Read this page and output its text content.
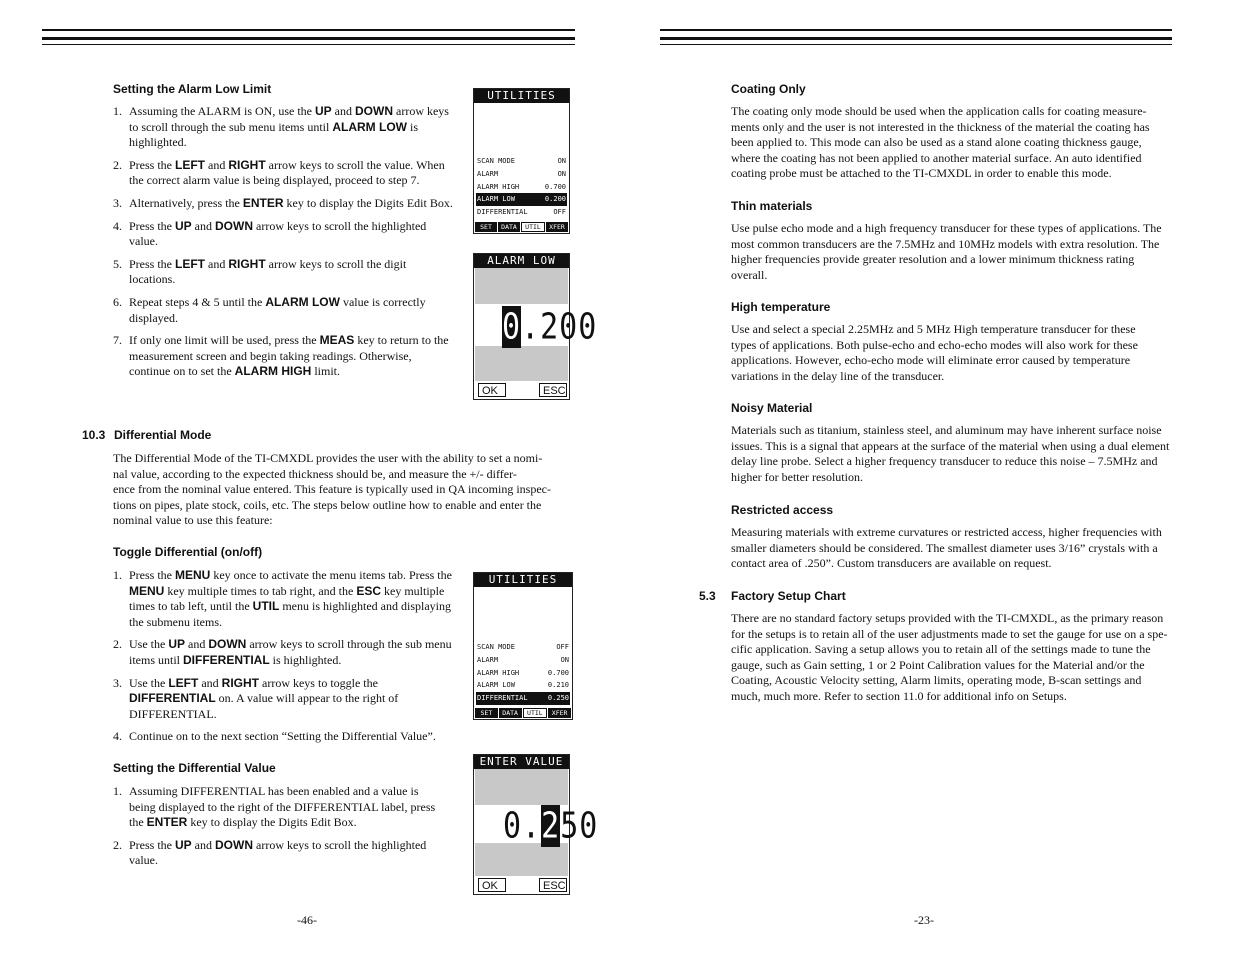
Setting the Alarm Low Limit
1. Assuming the ALARM is ON, use the UP and DOWN arrow keys to scroll through the sub menu items until ALARM LOW is highlighted.
2. Press the LEFT and RIGHT arrow keys to scroll the value. When the correct alarm value is being displayed, proceed to step 7.
3. Alternatively, press the ENTER key to display the Digits Edit Box.
4. Press the UP and DOWN arrow keys to scroll the highlighted value.
5. Press the LEFT and RIGHT arrow keys to scroll the digit locations.
6. Repeat steps 4 & 5 until the ALARM LOW value is correctly displayed.
7. If only one limit will be used, press the MEAS key to return to the measurement screen and begin taking readings. Otherwise, continue on to set the ALARM HIGH limit.
10.3 Differential Mode
The Differential Mode of the TI-CMXDL provides the user with the ability to set a nomi-
nal value, according to the expected thickness should be, and measure the +/- differ-
ence from the nominal value entered. This feature is typically used in QA incoming inspec-
tions on pipes, plate stock, coils, etc. The steps below outline how to enable and enter the
nominal value to use this feature:
Toggle Differential (on/off)
1. Press the MENU key once to activate the menu items tab. Press the MENU key multiple times to tab right, and the ESC key multiple times to tab left, until the UTIL menu is highlighted and displaying the submenu items.
2. Use the UP and DOWN arrow keys to scroll through the sub menu items until DIFFERENTIAL is highlighted.
3. Use the LEFT and RIGHT arrow keys to toggle the DIFFERENTIAL on. A value will appear to the right of DIFFERENTIAL.
4. Continue on to the next section “Setting the Differential Value”.
Setting the Differential Value
1. Assuming DIFFERENTIAL has been enabled and a value is being displayed to the right of the DIFFERENTIAL label, press the ENTER key to display the Digits Edit Box.
2. Press the UP and DOWN arrow keys to scroll the highlighted value.
-46-
UTILITIES
SCAN MODE	ON
ALARM	ON
ALARM HIGH	0.700
ALARM LOW	0.200
DIFFERENTIAL	OFF
SET	DATA	UTIL	XFER
ALARM LOW
0.200
OK	ESC
UTILITIES
SCAN MODE	OFF
ALARM	ON
ALARM HIGH	0.700
ALARM LOW	0.210
DIFFERENTIAL	0.250
SET	DATA	UTIL	XFER
ENTER VALUE
0.250
OK	ESC
Coating Only
The coating only mode should be used when the application calls for coating measure-
ments only and the user is not interested in the thickness of the material the coating has
been applied to. This mode can also be used as a stand alone coating thickness gauge,
where the coating has not been applied to another material surface. An auto identified
coating probe must be attached to the TI-CMXDL in order to enable this mode.
Thin materials
Use pulse echo mode and a high frequency transducer for these types of applications. The
most common transducers are the 7.5MHz and 10MHz models with extra resolution. The
higher frequencies provide greater resolution and a lower minimum thickness rating
overall.
High temperature
Use and select a special 2.25MHz and 5 MHz High temperature transducer for these
types of applications. Both pulse-echo and echo-echo modes will also work for these
applications. However, echo-echo mode will eliminate error caused by temperature
variations in the delay line of the transducer.
Noisy Material
Materials such as titanium, stainless steel, and aluminum may have inherent surface noise
issues. This is a signal that appears at the surface of the material when using a dual element
delay line probe. Select a higher frequency transducer to reduce this noise – 7.5MHz and
higher for better resolution.
Restricted access
Measuring materials with extreme curvatures or restricted access, higher frequencies with
smaller diameters should be considered. The smallest diameter uses 3/16” crystals with a
contact area of .250”. Custom transducers are available on request.
5.3 Factory Setup Chart
There are no standard factory setups provided with the TI-CMXDL, as the primary reason
for the setups is to retain all of the user adjustments made to set the gauge for use on a spe-
cific application. Saving a setup allows you to retain all of the settings made to tune the
gauge, such as Gain setting, 1 or 2 Point Calibration values for the Material and/or the
Coating, Acoustic Velocity setting, Alarm limits, operating mode, B-scan settings and
much, much more. Refer to section 11.0 for additional info on Setups.
-23-
